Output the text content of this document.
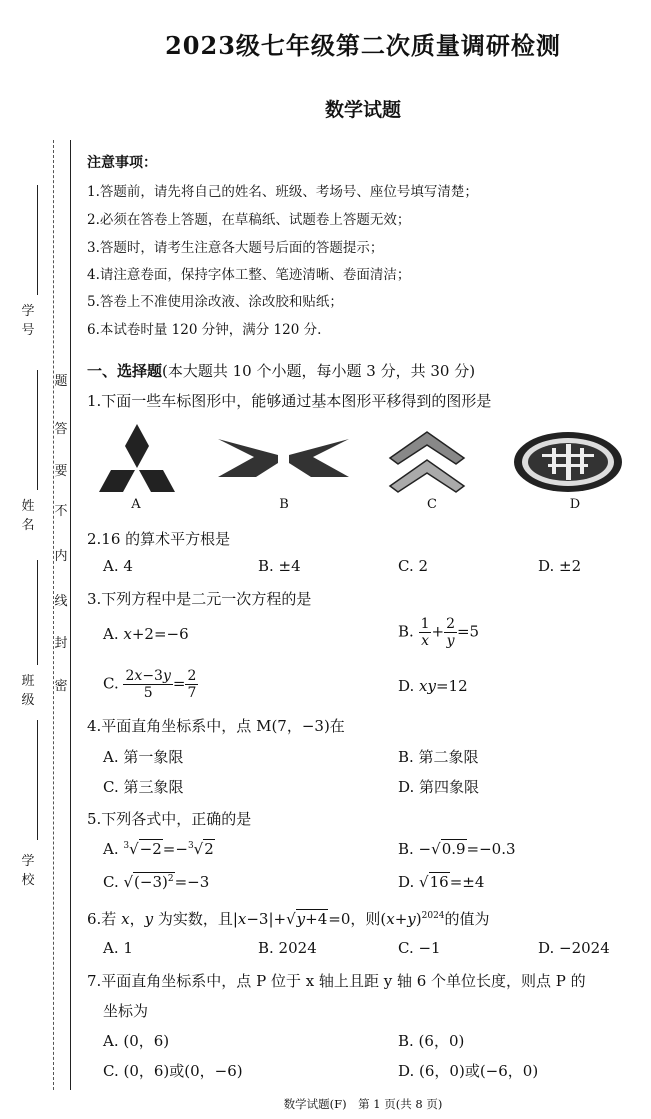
学 号
姓 名
班 级
学 校
题
答
要
不
内
线
封
密
2023级七年级第二次质量调研检测
数学试题
注意事项：
1.答题前，请先将自己的姓名、班级、考场号、座位号填写清楚；
2.必须在答卷上答题，在草稿纸、试题卷上答题无效；
3.答题时，请考生注意各大题号后面的答题提示；
4.请注意卷面，保持字体工整、笔迹清晰、卷面清洁；
5.答卷上不准使用涂改液、涂改胶和贴纸；
6.本试卷时量 120 分钟，满分 120 分.
一、选择题(本大题共 10 个小题，每小题 3 分，共 30 分)
1.下面一些车标图形中，能够通过基本图形平移得到的图形是
A	B	C	D
2.16 的算术平方根是
A. 4	B. ±4	C. 2	D. ±2
3.下列方程中是二元一次方程的是
A. x+2=−6	B. $\frac{1}{x} + \frac{2}{y} =5$
C. $\frac{2x-3y}{5} = \frac{2}{7}$	D. xy=12
4.平面直角坐标系中，点 M(7，−3)在
A. 第一象限	B. 第二象限
C. 第三象限	D. 第四象限
5.下列各式中，正确的是
A. $^3$√−2=−$^3$√2	B. −√0.9=−0.3
C. $√(-3)^2=-3$	D. √16=±4
6.若 x，y 为实数，且|x−3|+√y+4=0，则$(x+y)^{2024}$的值为
A. 1	B. 2024	C. −1	D. −2024
7.平面直角坐标系中，点 P 位于 x 轴上且距 y 轴 6 个单位长度，则点 P 的
坐标为
A. (0，6)	B. (6，0)
C. (0，6)或(0，−6)	D. (6，0)或(−6，0)
数学试题(F)　第 1 页(共 8 页)
